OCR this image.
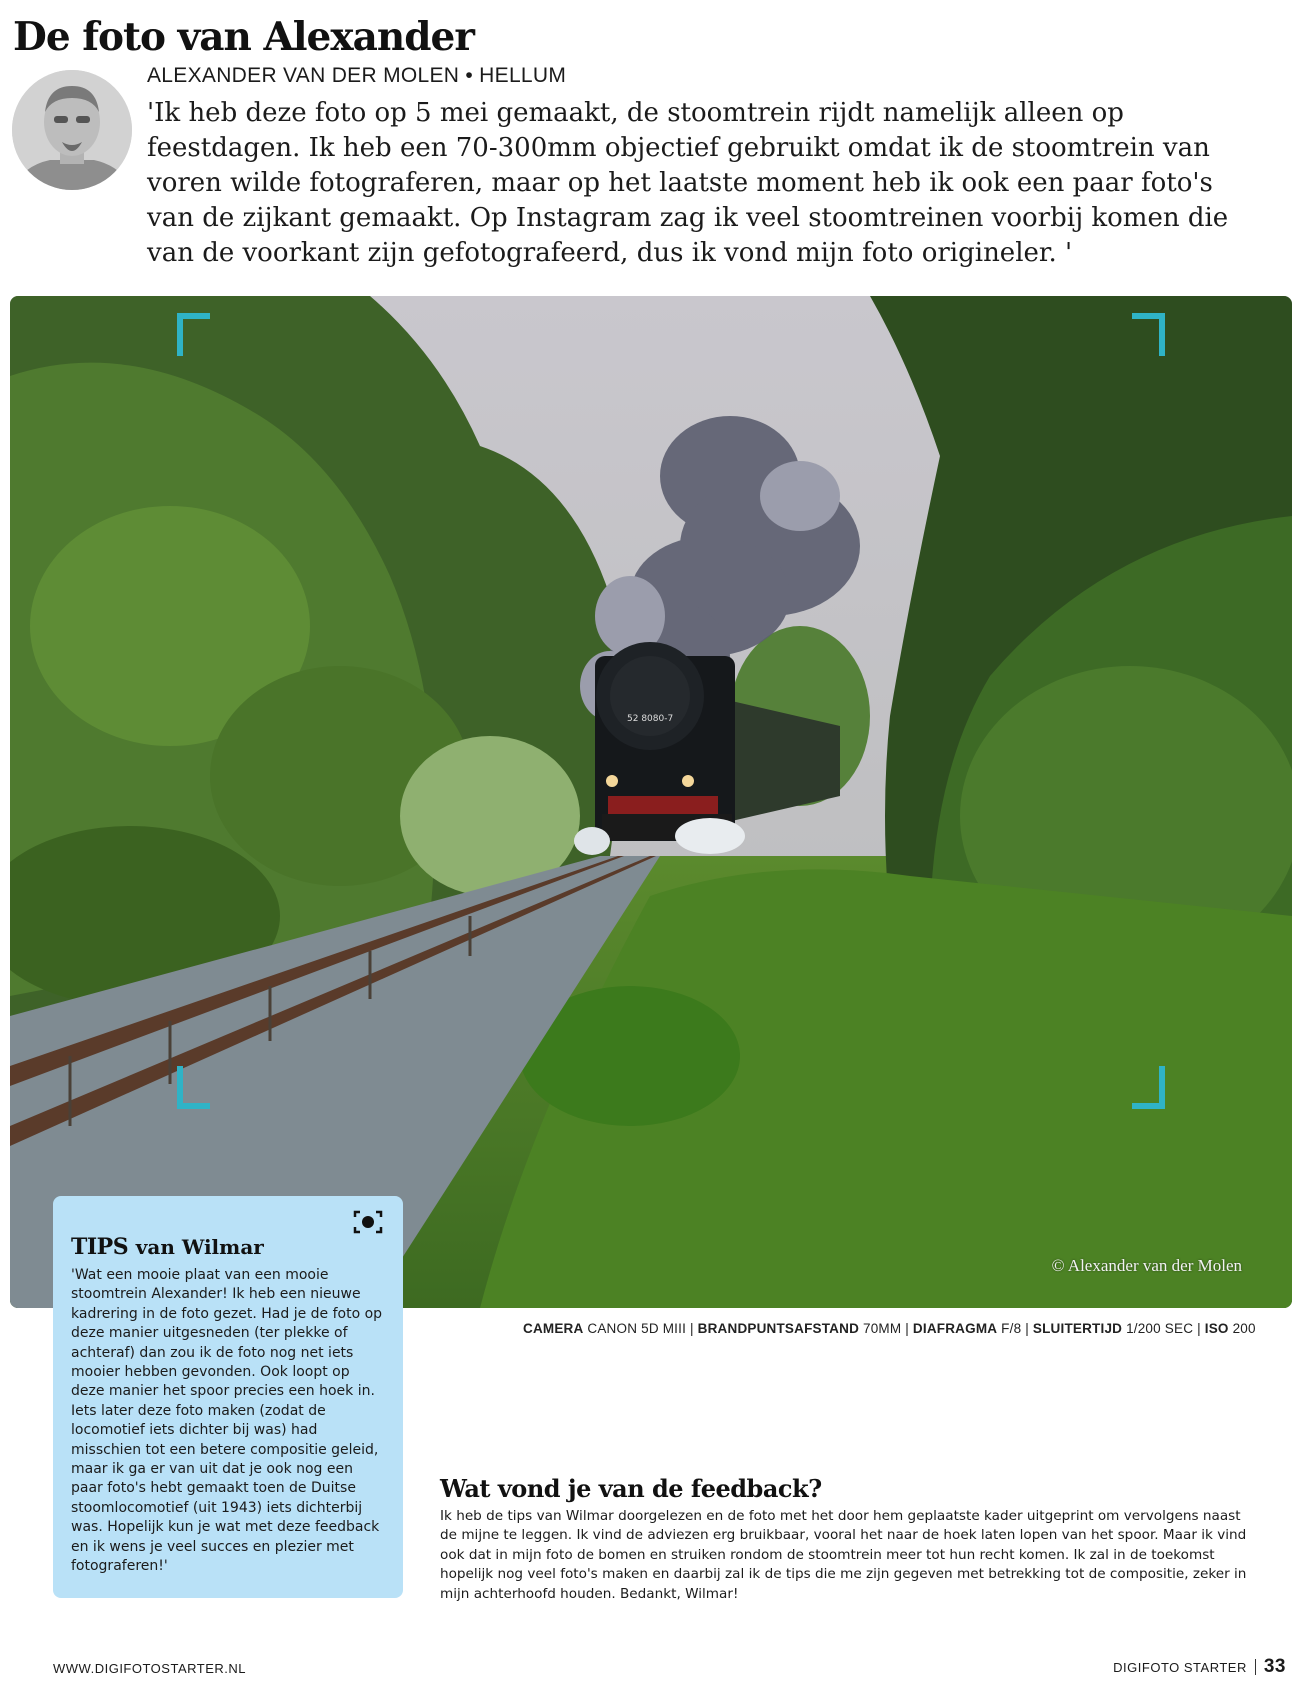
De foto van Alexander
ALEXANDER VAN DER MOLEN • HELLUM

'Ik heb deze foto op 5 mei gemaakt, de stoomtrein rijdt namelijk alleen op feestdagen. Ik heb een 70-300mm objectief gebruikt omdat ik de stoomtrein van voren wilde fotograferen, maar op het laatste moment heb ik ook een paar foto's van de zijkant gemaakt. Op Instagram zag ik veel stoomtreinen voorbij komen die van de voorkant zijn gefotografeerd, dus ik vond mijn foto origineler. '

52 8080-7
© Alexander van der Molen
CAMERA CANON 5D MIII | BRANDPUNTSAFSTAND 70MM | DIAFRAGMA F/8 | SLUITERTIJD 1/200 SEC | ISO 200
TIPS van Wilmar

'Wat een mooie plaat van een mooie stoomtrein Alexander! Ik heb een nieuwe kadrering in de foto gezet. Had je de foto op deze manier uitgesneden (ter plekke of achteraf) dan zou ik de foto nog net iets mooier hebben gevonden. Ook loopt op deze manier het spoor precies een hoek in. Iets later deze foto maken (zodat de locomotief iets dichter bij was) had misschien tot een betere compositie geleid, maar ik ga er van uit dat je ook nog een paar foto's hebt gemaakt toen de Duitse stoomlocomotief (uit 1943) iets dichterbij was. Hopelijk kun je wat met deze feedback en ik wens je veel succes en plezier met fotograferen!'

Wat vond je van de feedback?

Ik heb de tips van Wilmar doorgelezen en de foto met het door hem geplaatste kader uitgeprint om vervolgens naast de mijne te leggen. Ik vind de adviezen erg bruikbaar, vooral het naar de hoek laten lopen van het spoor. Maar ik vind ook dat in mijn foto de bomen en struiken rondom de stoomtrein meer tot hun recht komen. Ik zal in de toekomst hopelijk nog veel foto's maken en daarbij zal ik de tips die me zijn gegeven met betrekking tot de compositie, zeker in mijn achterhoofd houden. Bedankt, Wilmar!

WWW.DIGIFOTOSTARTER.NL	DIGIFOTO STARTER 33
